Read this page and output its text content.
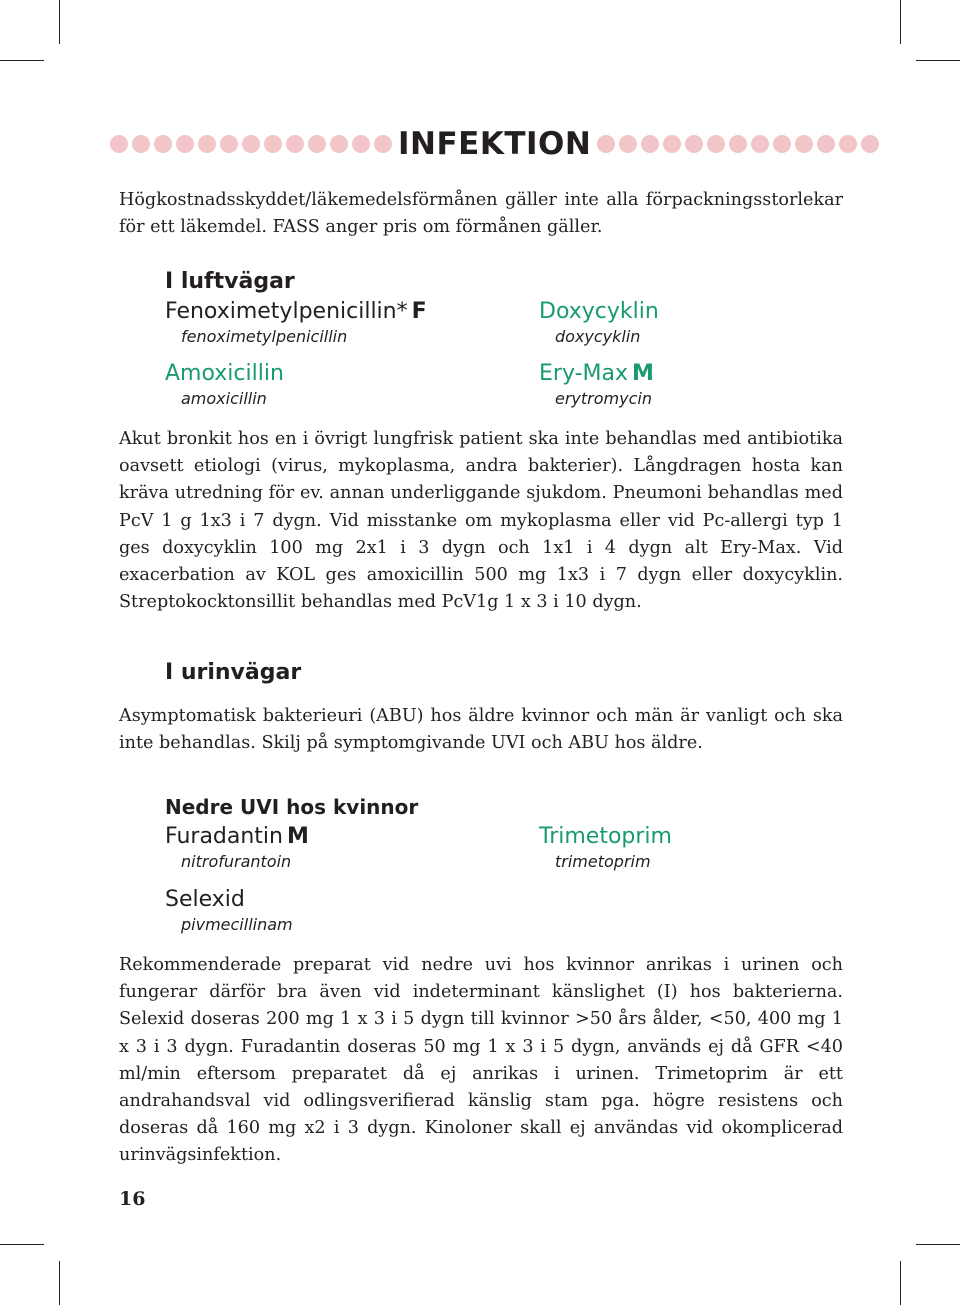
INFEKTION

Högkostnadsskyddet/läkemedelsförmånen gäller inte alla förpackningsstorlekar för ett läkemdel. FASS anger pris om förmånen gäller.

I luftvägar
Fenoximetylpenicillin* F
fenoximetylpenicillin
Amoxicillin
amoxicillin
Doxycyklin
doxycyklin
Ery-Max M
erytromycin

Akut bronkit hos en i övrigt lungfrisk patient ska inte behandlas med antibiotika oavsett etiologi (virus, mykoplasma, andra bakterier). Långdragen hosta kan kräva utredning för ev. annan underliggande sjukdom. Pneumoni behandlas med PcV 1 g 1x3 i 7 dygn. Vid misstanke om mykoplasma eller vid Pc-allergi typ 1 ges doxycyklin 100 mg 2x1 i 3 dygn och 1x1 i 4 dygn alt Ery-Max. Vid exacerbation av KOL ges amoxicillin 500 mg 1x3 i 7 dygn eller doxycyklin. Streptokocktonsillit behandlas med PcV1g 1 x 3 i 10 dygn.

I urinvägar

Asymptomatisk bakterieuri (ABU) hos äldre kvinnor och män är vanligt och ska inte behandlas. Skilj på symptomgivande UVI och ABU hos äldre.

Nedre UVI hos kvinnor
Furadantin M
nitrofurantoin
Selexid
pivmecillinam
Trimetoprim
trimetoprim

Rekommenderade preparat vid nedre uvi hos kvinnor anrikas i urinen och fungerar därför bra även vid indeterminant känslighet (I) hos bakterierna. Selexid doseras 200 mg 1 x 3 i 5 dygn till kvinnor >50 års ålder, <50, 400 mg 1 x 3 i 3 dygn. Furadantin doseras 50 mg 1 x 3 i 5 dygn, används ej då GFR <40 ml/min eftersom preparatet då ej anrikas i urinen. Trimetoprim är ett andrahandsval vid odlingsverifierad känslig stam pga. högre resistens och doseras då 160 mg x2 i 3 dygn. Kinoloner skall ej användas vid okomplicerad urinvägsinfektion.

16
